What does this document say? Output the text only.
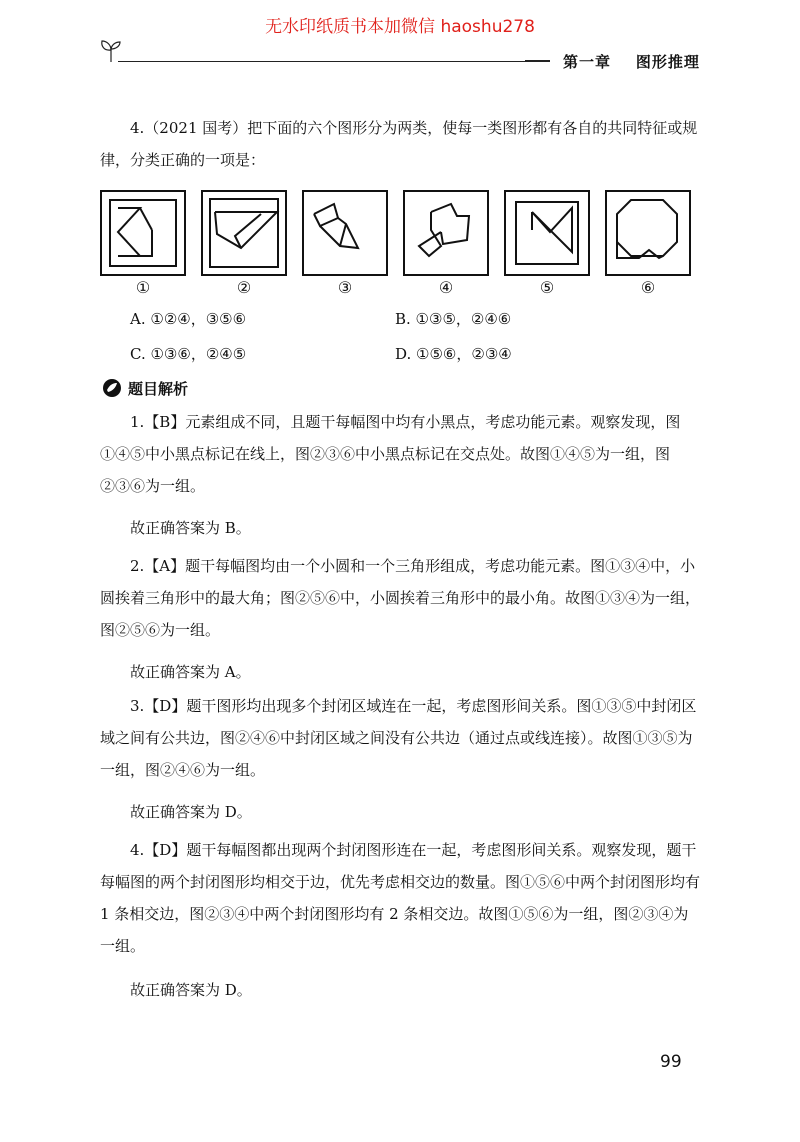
无水印纸质书本加微信 haoshu278
第一章    图形推理
4.（2021 国考）把下面的六个图形分为两类，使每一类图形都有各自的共同特征或规律，分类正确的一项是：
①	②	③	④	⑤	⑥
A. ①②④，③⑤⑥	B. ①③⑤，②④⑥
C. ①③⑥，②④⑤	D. ①⑤⑥，②③④
题目解析
1.【B】元素组成不同，且题干每幅图中均有小黑点，考虑功能元素。观察发现，图①④⑤中小黑点标记在线上，图②③⑥中小黑点标记在交点处。故图①④⑤为一组，图②③⑥为一组。
故正确答案为 B。
2.【A】题干每幅图均由一个小圆和一个三角形组成，考虑功能元素。图①③④中，小圆挨着三角形中的最大角；图②⑤⑥中，小圆挨着三角形中的最小角。故图①③④为一组，图②⑤⑥为一组。
故正确答案为 A。
3.【D】题干图形均出现多个封闭区域连在一起，考虑图形间关系。图①③⑤中封闭区域之间有公共边，图②④⑥中封闭区域之间没有公共边（通过点或线连接）。故图①③⑤为一组，图②④⑥为一组。
故正确答案为 D。
4.【D】题干每幅图都出现两个封闭图形连在一起，考虑图形间关系。观察发现，题干每幅图的两个封闭图形均相交于边，优先考虑相交边的数量。图①⑤⑥中两个封闭图形均有 1 条相交边，图②③④中两个封闭图形均有 2 条相交边。故图①⑤⑥为一组，图②③④为一组。
故正确答案为 D。
99
